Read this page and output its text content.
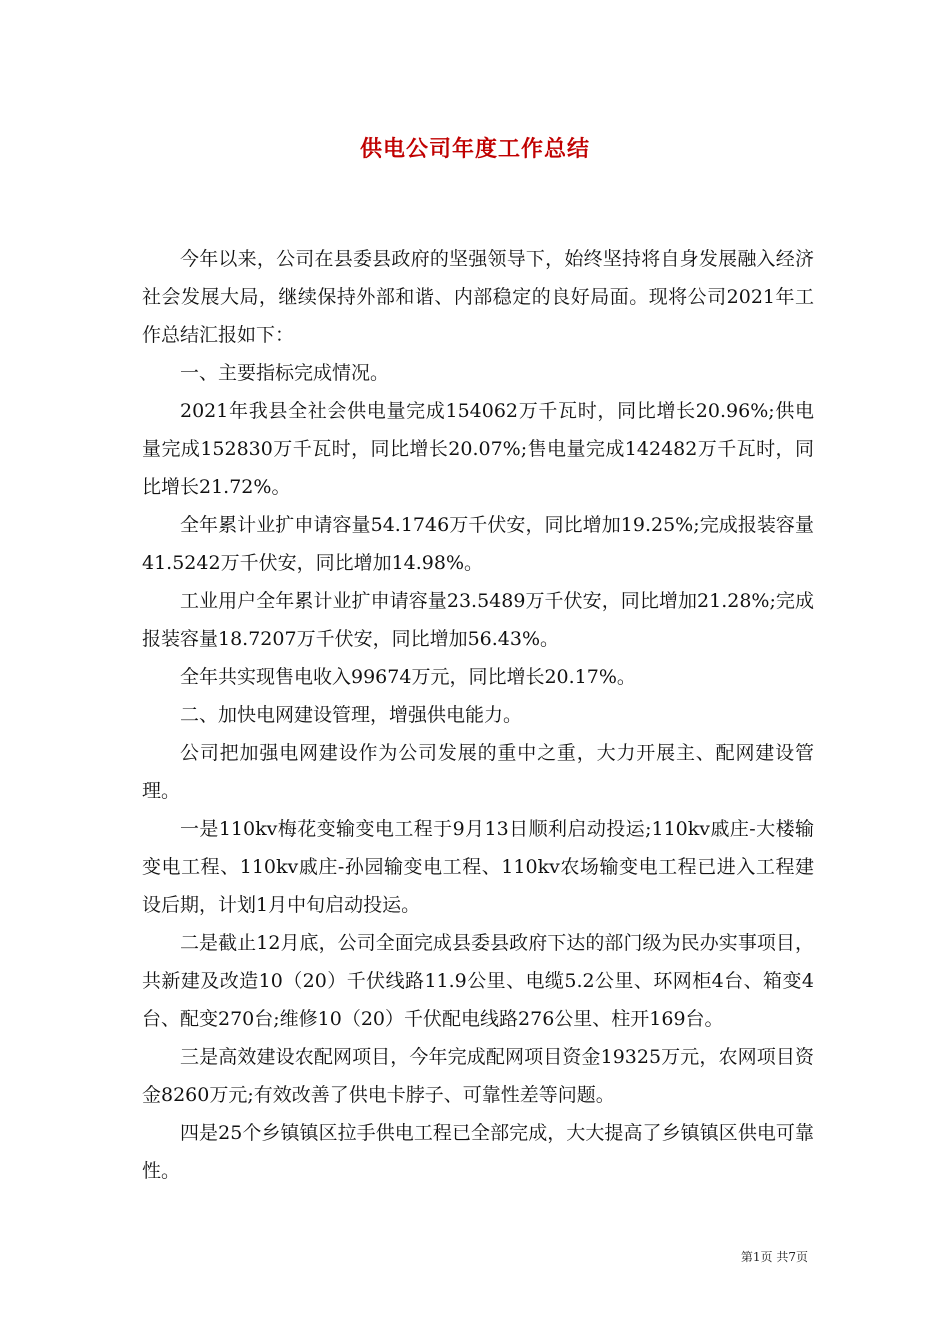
供电公司年度工作总结

今年以来，公司在县委县政府的坚强领导下，始终坚持将自身发展融入经济社会发展大局，继续保持外部和谐、内部稳定的良好局面。现将公司2021年工作总结汇报如下：

一、主要指标完成情况。

2021年我县全社会供电量完成154062万千瓦时，同比增长20.96%;供电量完成152830万千瓦时，同比增长20.07%;售电量完成142482万千瓦时，同比增长21.72%。

全年累计业扩申请容量54.1746万千伏安，同比增加19.25%;完成报装容量41.5242万千伏安，同比增加14.98%。

工业用户全年累计业扩申请容量23.5489万千伏安，同比增加21.28%;完成报装容量18.7207万千伏安，同比增加56.43%。

全年共实现售电收入99674万元，同比增长20.17%。

二、加快电网建设管理，增强供电能力。

公司把加强电网建设作为公司发展的重中之重，大力开展主、配网建设管理。

一是110kv梅花变输变电工程于9月13日顺利启动投运;110kv戚庄-大楼输变电工程、110kv戚庄-孙园输变电工程、110kv农场输变电工程已进入工程建设后期，计划1月中旬启动投运。

二是截止12月底，公司全面完成县委县政府下达的部门级为民办实事项目，共新建及改造10（20）千伏线路11.9公里、电缆5.2公里、环网柜4台、箱变4台、配变270台;维修10（20）千伏配电线路276公里、柱开169台。

三是高效建设农配网项目，今年完成配网项目资金19325万元，农网项目资金8260万元;有效改善了供电卡脖子、可靠性差等问题。

四是25个乡镇镇区拉手供电工程已全部完成，大大提高了乡镇镇区供电可靠性。

第1页 共7页
